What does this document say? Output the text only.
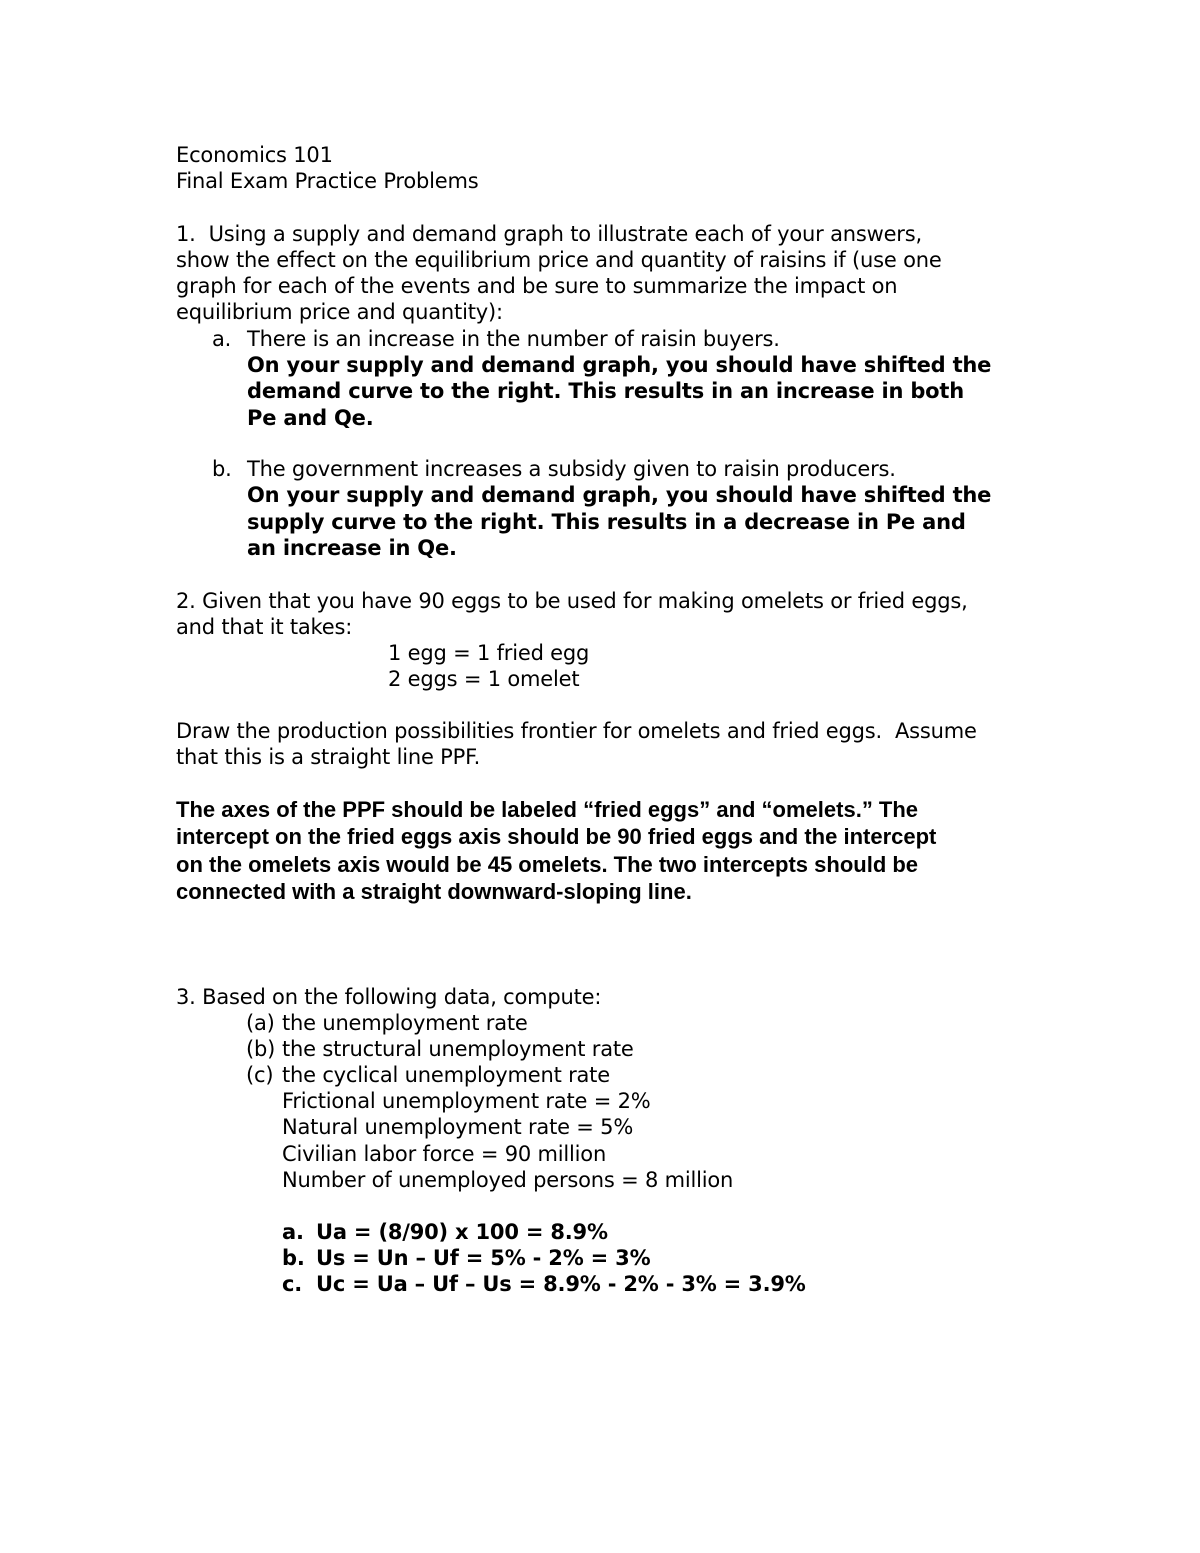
Economics 101
Final Exam Practice Problems
1.  Using a supply and demand graph to illustrate each of your answers,
show the effect on the equilibrium price and quantity of raisins if (use one
graph for each of the events and be sure to summarize the impact on
equilibrium price and quantity):
a. There is an increase in the number of raisin buyers.
On your supply and demand graph, you should have shifted the
demand curve to the right. This results in an increase in both
Pe and Qe.
b. The government increases a subsidy given to raisin producers.
On your supply and demand graph, you should have shifted the
supply curve to the right. This results in a decrease in Pe and
an increase in Qe.
2. Given that you have 90 eggs to be used for making omelets or fried eggs,
and that it takes:
1 egg = 1 fried egg
2 eggs = 1 omelet
Draw the production possibilities frontier for omelets and fried eggs.  Assume
that this is a straight line PPF.
The axes of the PPF should be labeled “fried eggs” and “omelets.” The
intercept on the fried eggs axis should be 90 fried eggs and the intercept
on the omelets axis would be 45 omelets. The two intercepts should be
connected with a straight downward-sloping line.
3. Based on the following data, compute:
(a) the unemployment rate
(b) the structural unemployment rate
(c) the cyclical unemployment rate
Frictional unemployment rate = 2%
Natural unemployment rate = 5%
Civilian labor force = 90 million
Number of unemployed persons = 8 million
a. Ua = (8/90) x 100 = 8.9%
b. Us = Un – Uf = 5% - 2% = 3%
c. Uc = Ua – Uf – Us = 8.9% - 2% - 3% = 3.9%
